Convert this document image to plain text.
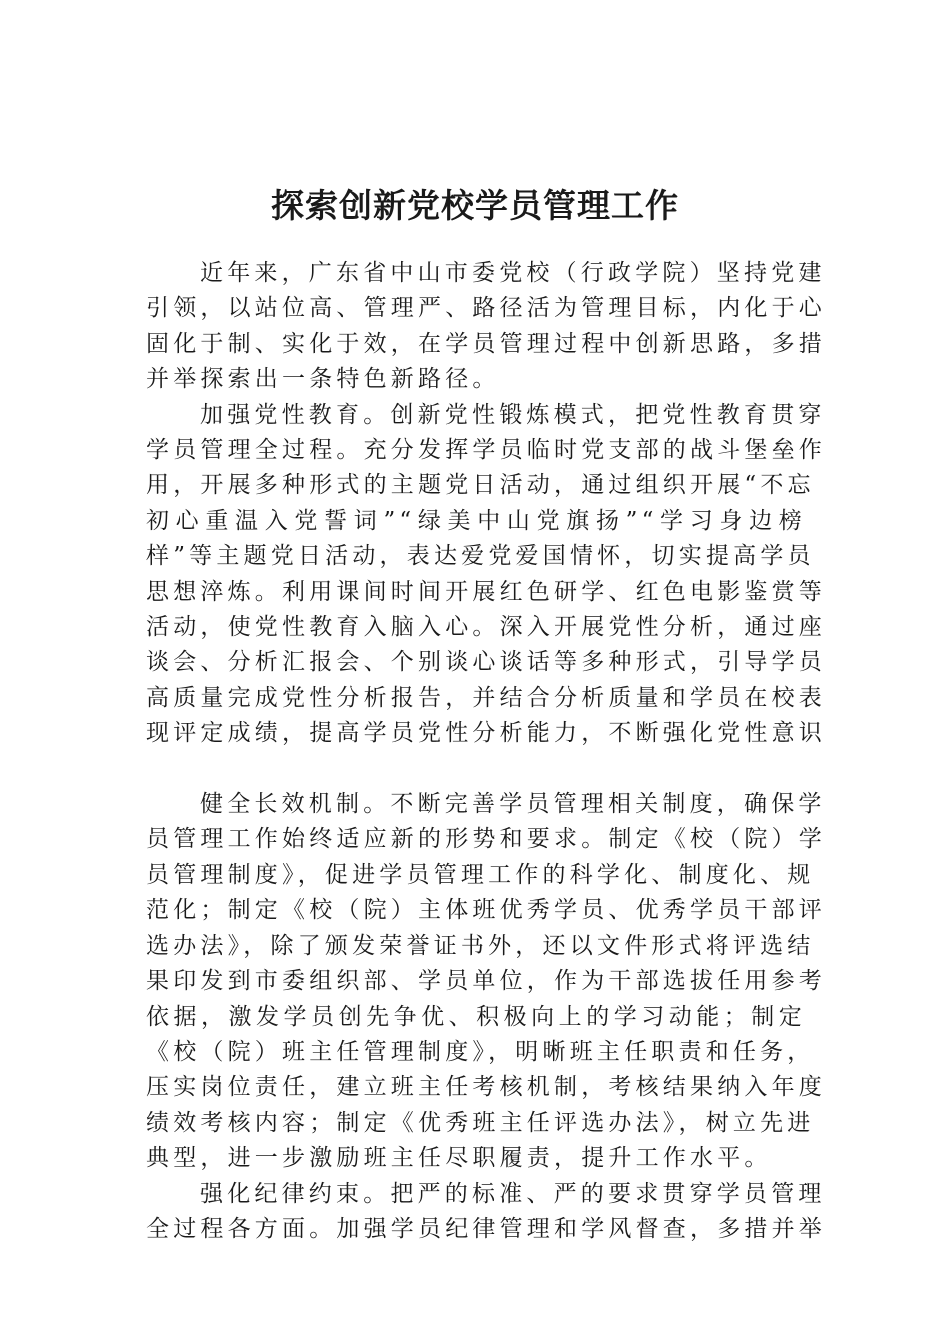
探索创新党校学员管理工作

近年来，广东省中山市委党校（行政学院）坚持党建
引领，以站位高、管理严、路径活为管理目标，内化于心
固化于制、实化于效，在学员管理过程中创新思路，多措
并举探索出一条特色新路径。

加强党性教育。创新党性锻炼模式，把党性教育贯穿
学员管理全过程。充分发挥学员临时党支部的战斗堡垒作
用，开展多种形式的主题党日活动，通过组织开展“不忘
初心重温入党誓词”“绿美中山党旗扬”“学习身边榜
样”等主题党日活动，表达爱党爱国情怀，切实提高学员
思想淬炼。利用课间时间开展红色研学、红色电影鉴赏等
活动，使党性教育入脑入心。深入开展党性分析，通过座
谈会、分析汇报会、个别谈心谈话等多种形式，引导学员
高质量完成党性分析报告，并结合分析质量和学员在校表
现评定成绩，提高学员党性分析能力，不断强化党性意识

健全长效机制。不断完善学员管理相关制度，确保学
员管理工作始终适应新的形势和要求。制定《校（院）学
员管理制度》，促进学员管理工作的科学化、制度化、规
范化；制定《校（院）主体班优秀学员、优秀学员干部评
选办法》，除了颁发荣誉证书外，还以文件形式将评选结
果印发到市委组织部、学员单位，作为干部选拔任用参考
依据，激发学员创先争优、积极向上的学习动能；制定
《校（院）班主任管理制度》，明晰班主任职责和任务，
压实岗位责任，建立班主任考核机制，考核结果纳入年度
绩效考核内容；制定《优秀班主任评选办法》，树立先进
典型，进一步激励班主任尽职履责，提升工作水平。

强化纪律约束。把严的标准、严的要求贯穿学员管理
全过程各方面。加强学员纪律管理和学风督查，多措并举
